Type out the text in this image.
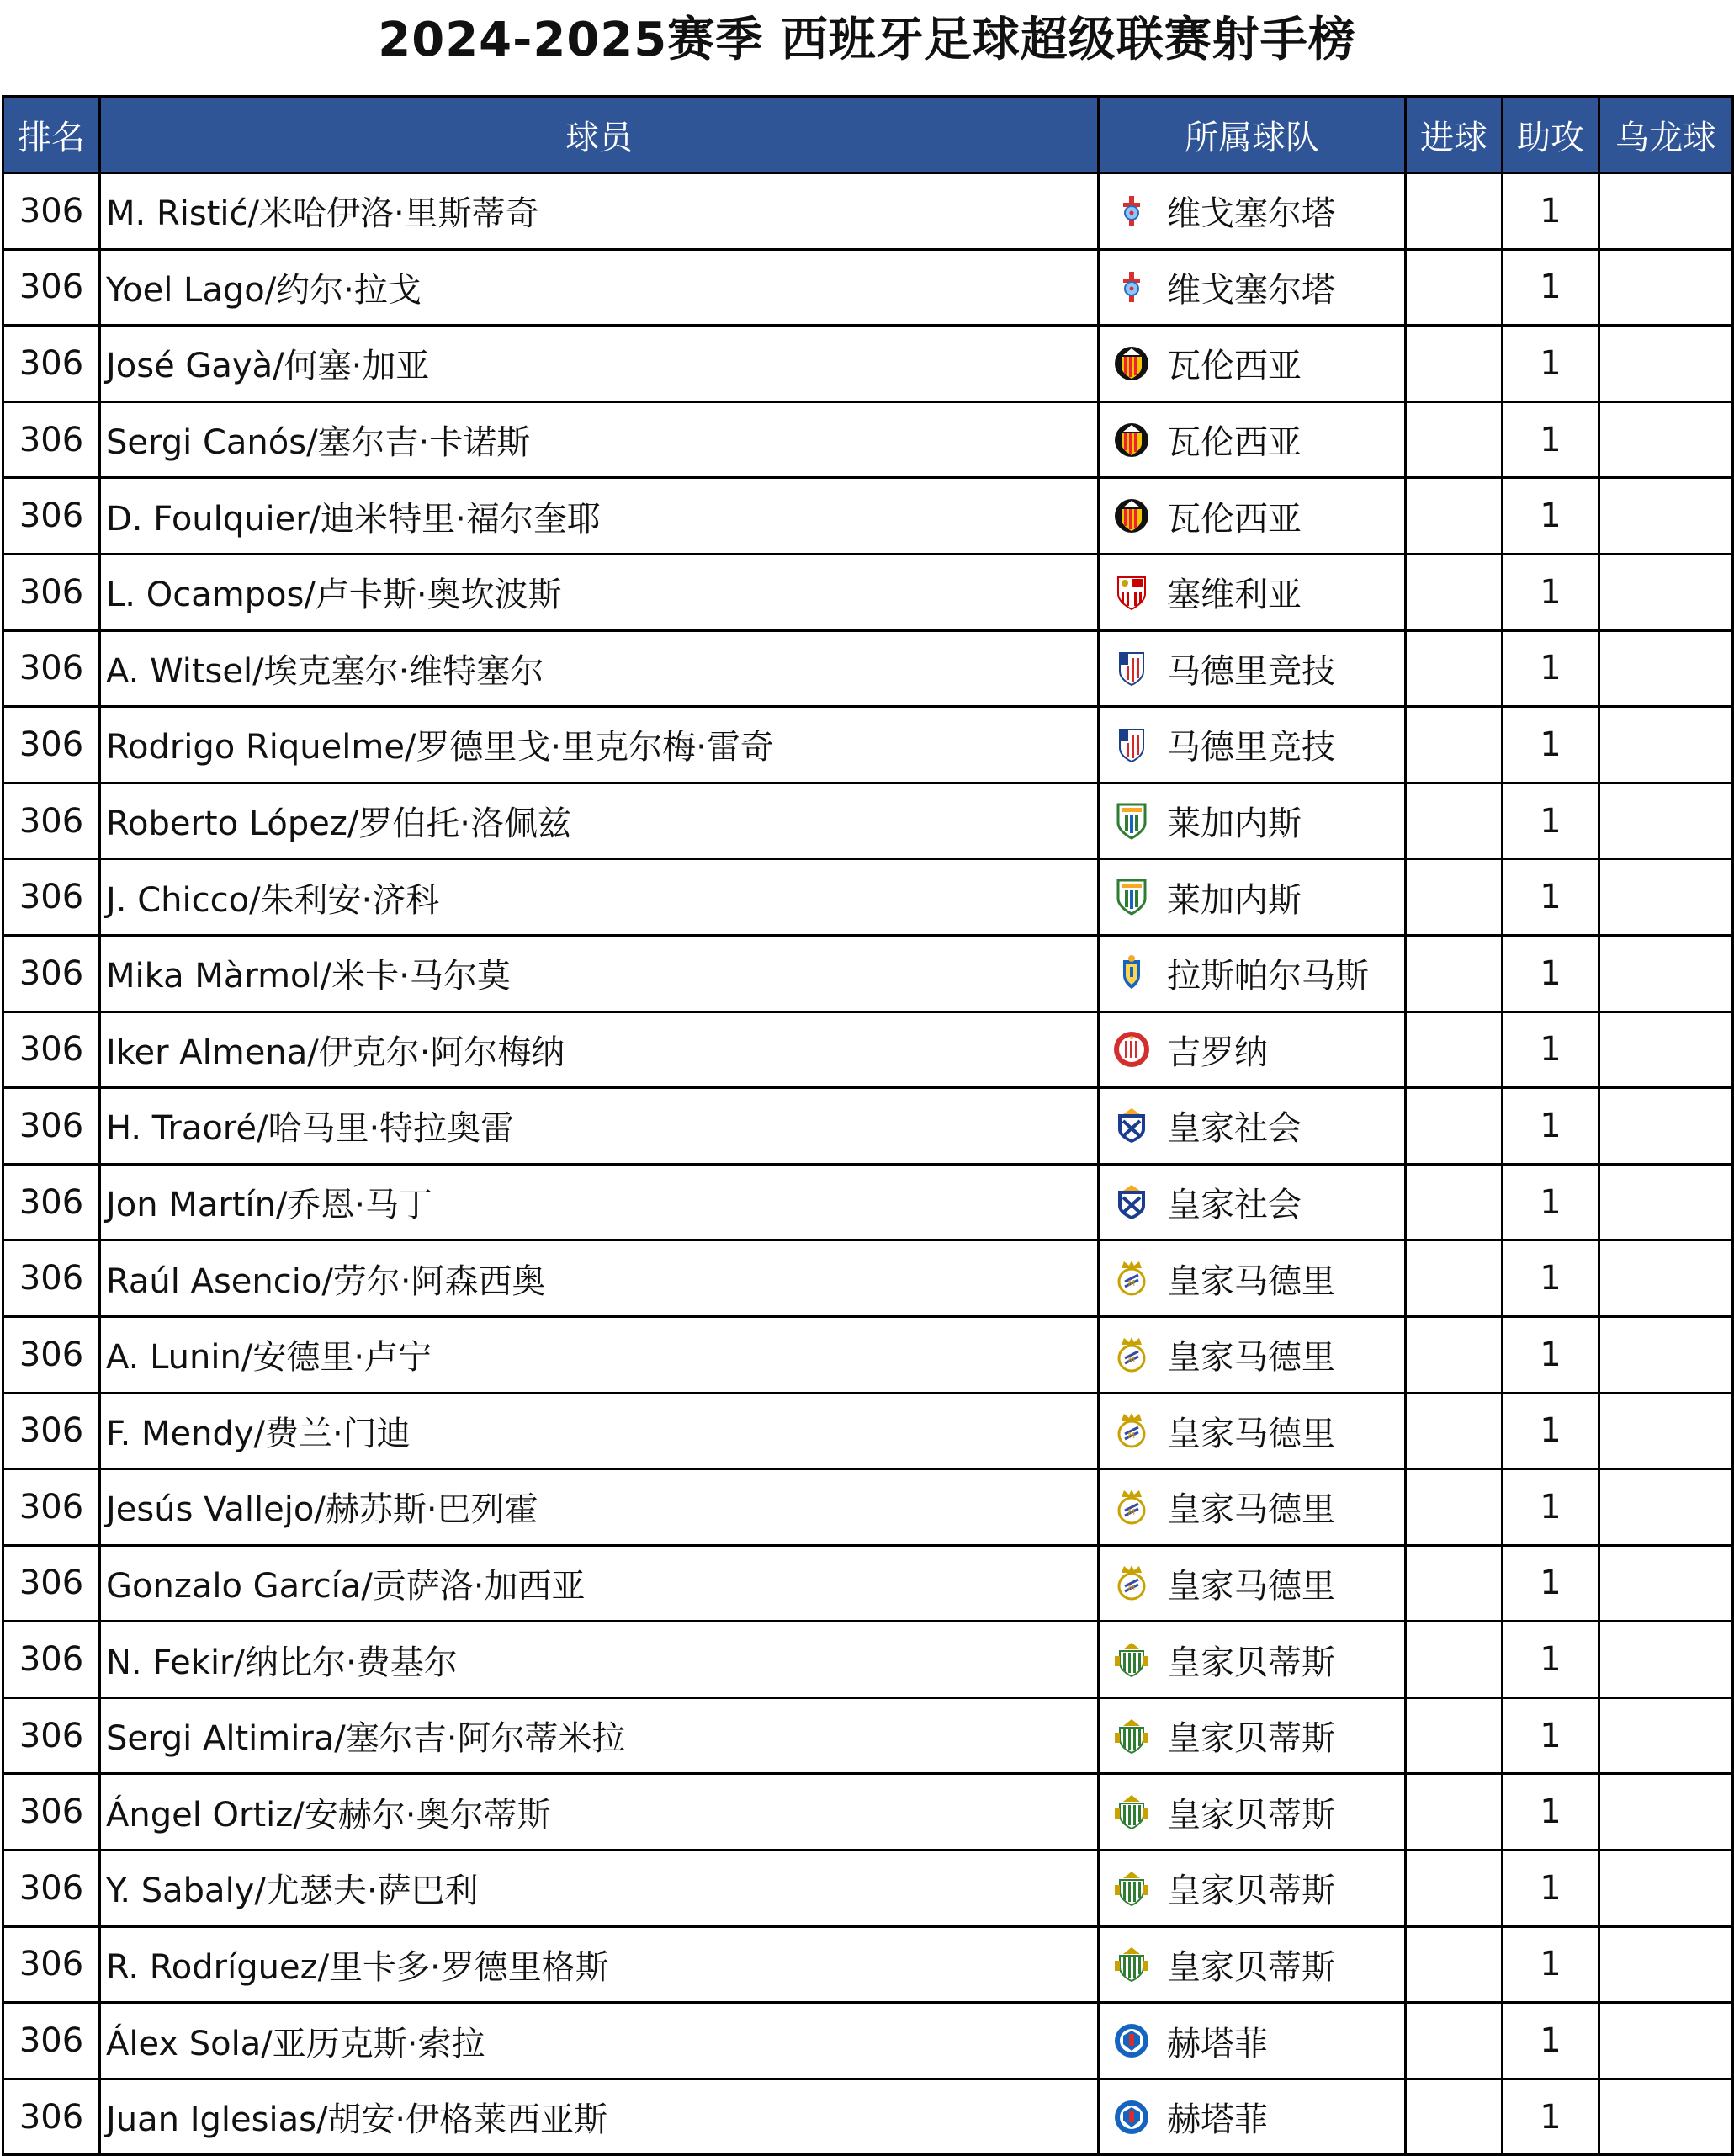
2024-2025赛季 西班牙足球超级联赛射手榜
排名	球员	所属球队	进球	助攻	乌龙球
306	M. Ristić/米哈伊洛·里斯蒂奇	维戈塞尔塔		1	
306	Yoel Lago/约尔·拉戈	维戈塞尔塔		1	
306	José Gayà/何塞·加亚	瓦伦西亚		1	
306	Sergi Canós/塞尔吉·卡诺斯	瓦伦西亚		1	
306	D. Foulquier/迪米特里·福尔奎耶	瓦伦西亚		1	
306	L. Ocampos/卢卡斯·奥坎波斯	塞维利亚		1	
306	A. Witsel/埃克塞尔·维特塞尔	马德里竞技		1	
306	Rodrigo Riquelme/罗德里戈·里克尔梅·雷奇	马德里竞技		1	
306	Roberto López/罗伯托·洛佩兹	莱加内斯		1	
306	J. Chicco/朱利安·济科	莱加内斯		1	
306	Mika Màrmol/米卡·马尔莫	拉斯帕尔马斯		1	
306	Iker Almena/伊克尔·阿尔梅纳	吉罗纳		1	
306	H. Traoré/哈马里·特拉奥雷	皇家社会		1	
306	Jon Martín/乔恩·马丁	皇家社会		1	
306	Raúl Asencio/劳尔·阿森西奥	M 皇家马德里		1	
306	A. Lunin/安德里·卢宁	M 皇家马德里		1	
306	F. Mendy/费兰·门迪	M 皇家马德里		1	
306	Jesús Vallejo/赫苏斯·巴列霍	M 皇家马德里		1	
306	Gonzalo García/贡萨洛·加西亚	M 皇家马德里		1	
306	N. Fekir/纳比尔·费基尔	皇家贝蒂斯		1	
306	Sergi Altimira/塞尔吉·阿尔蒂米拉	皇家贝蒂斯		1	
306	Ángel Ortiz/安赫尔·奥尔蒂斯	皇家贝蒂斯		1	
306	Y. Sabaly/尤瑟夫·萨巴利	皇家贝蒂斯		1	
306	R. Rodríguez/里卡多·罗德里格斯	皇家贝蒂斯		1	
306	Álex Sola/亚历克斯·索拉	赫塔菲		1	
306	Juan Iglesias/胡安·伊格莱西亚斯	赫塔菲		1	
